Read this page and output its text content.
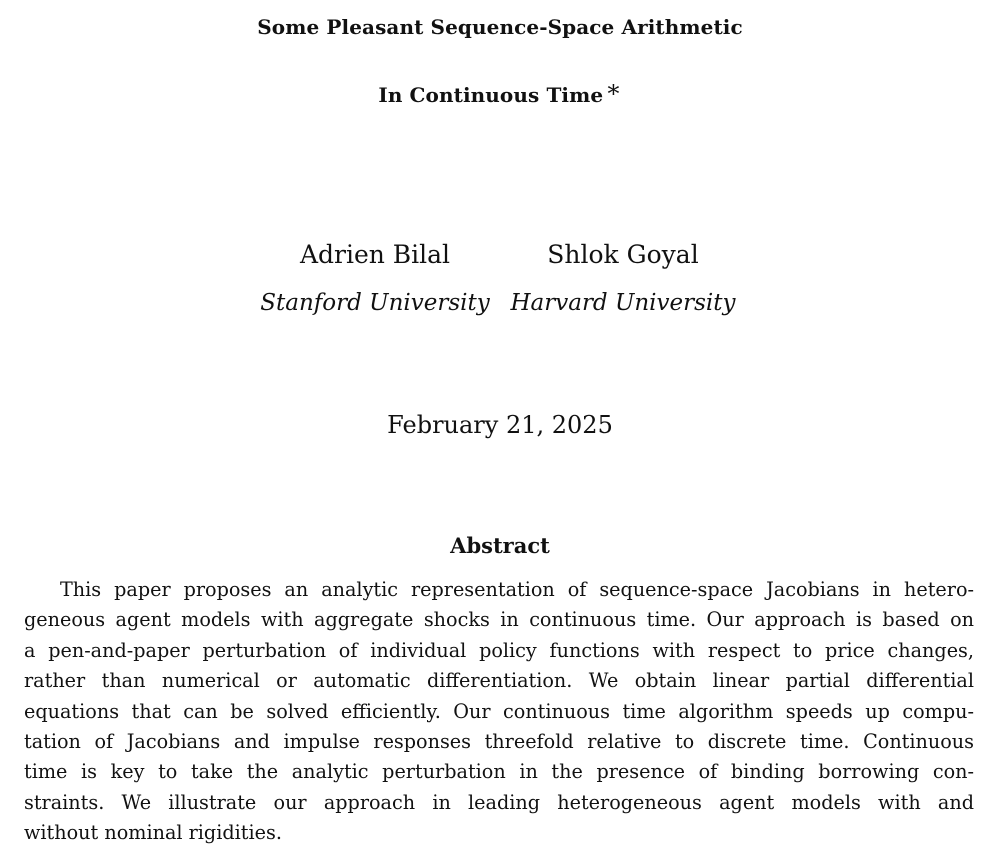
Some Pleasant Sequence-Space Arithmetic
In Continuous Time∗
Adrien Bilal	Shlok Goyal
Stanford University Harvard University
February 21, 2025
Abstract
This paper proposes an analytic representation of sequence-space Jacobians in hetero-
geneous agent models with aggregate shocks in continuous time. Our approach is based on
a pen-and-paper perturbation of individual policy functions with respect to price changes,
rather than numerical or automatic differentiation. We obtain linear partial differential
equations that can be solved efficiently. Our continuous time algorithm speeds up compu-
tation of Jacobians and impulse responses threefold relative to discrete time. Continuous
time is key to take the analytic perturbation in the presence of binding borrowing con-
straints. We illustrate our approach in leading heterogeneous agent models with and
without nominal rigidities.
